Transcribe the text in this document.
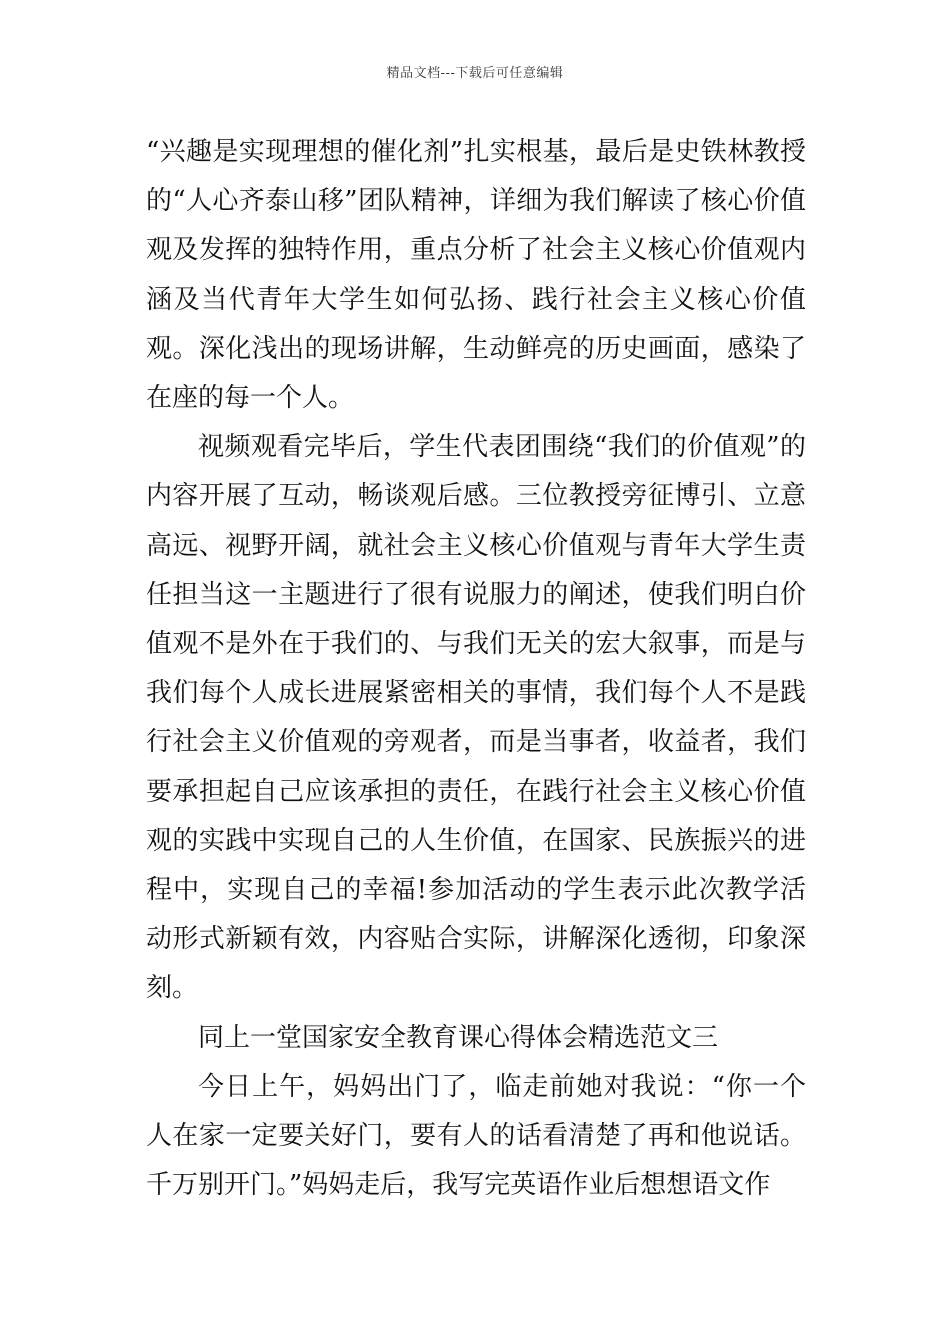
精品文档---下载后可任意编辑

“兴趣是实现理想的催化剂”扎实根基，最后是史铁林教授的“人心齐泰山移”团队精神，详细为我们解读了核心价值观及发挥的独特作用，重点分析了社会主义核心价值观内涵及当代青年大学生如何弘扬、践行社会主义核心价值观。深化浅出的现场讲解，生动鲜亮的历史画面，感染了在座的每一个人。

视频观看完毕后，学生代表团围绕“我们的价值观”的内容开展了互动，畅谈观后感。三位教授旁征博引、立意高远、视野开阔，就社会主义核心价值观与青年大学生责任担当这一主题进行了很有说服力的阐述，使我们明白价值观不是外在于我们的、与我们无关的宏大叙事，而是与我们每个人成长进展紧密相关的事情，我们每个人不是践行社会主义价值观的旁观者，而是当事者，收益者，我们要承担起自己应该承担的责任，在践行社会主义核心价值观的实践中实现自己的人生价值，在国家、民族振兴的进程中，实现自己的幸福!参加活动的学生表示此次教学活动形式新颖有效，内容贴合实际，讲解深化透彻，印象深刻。

同上一堂国家安全教育课心得体会精选范文三

今日上午，妈妈出门了，临走前她对我说：“你一个人在家一定要关好门，要有人的话看清楚了再和他说话。千万别开门。”妈妈走后，我写完英语作业后想想语文作
